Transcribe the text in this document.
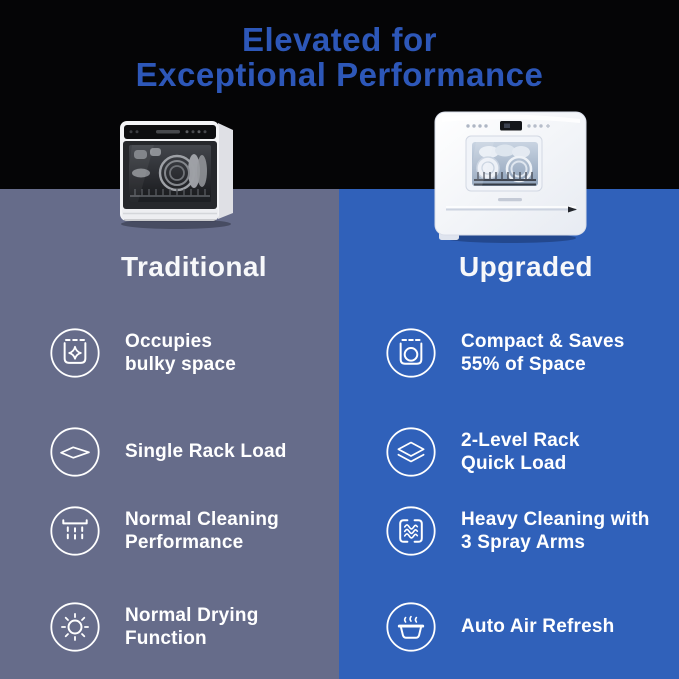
Elevated for
Exceptional Performance
Traditional	Upgraded
Occupies
bulky space
Single Rack Load
Normal Cleaning
Performance
Normal Drying
Function
Compact & Saves
55% of Space
2-Level Rack
Quick Load
Heavy Cleaning with
3 Spray Arms
Auto Air Refresh
